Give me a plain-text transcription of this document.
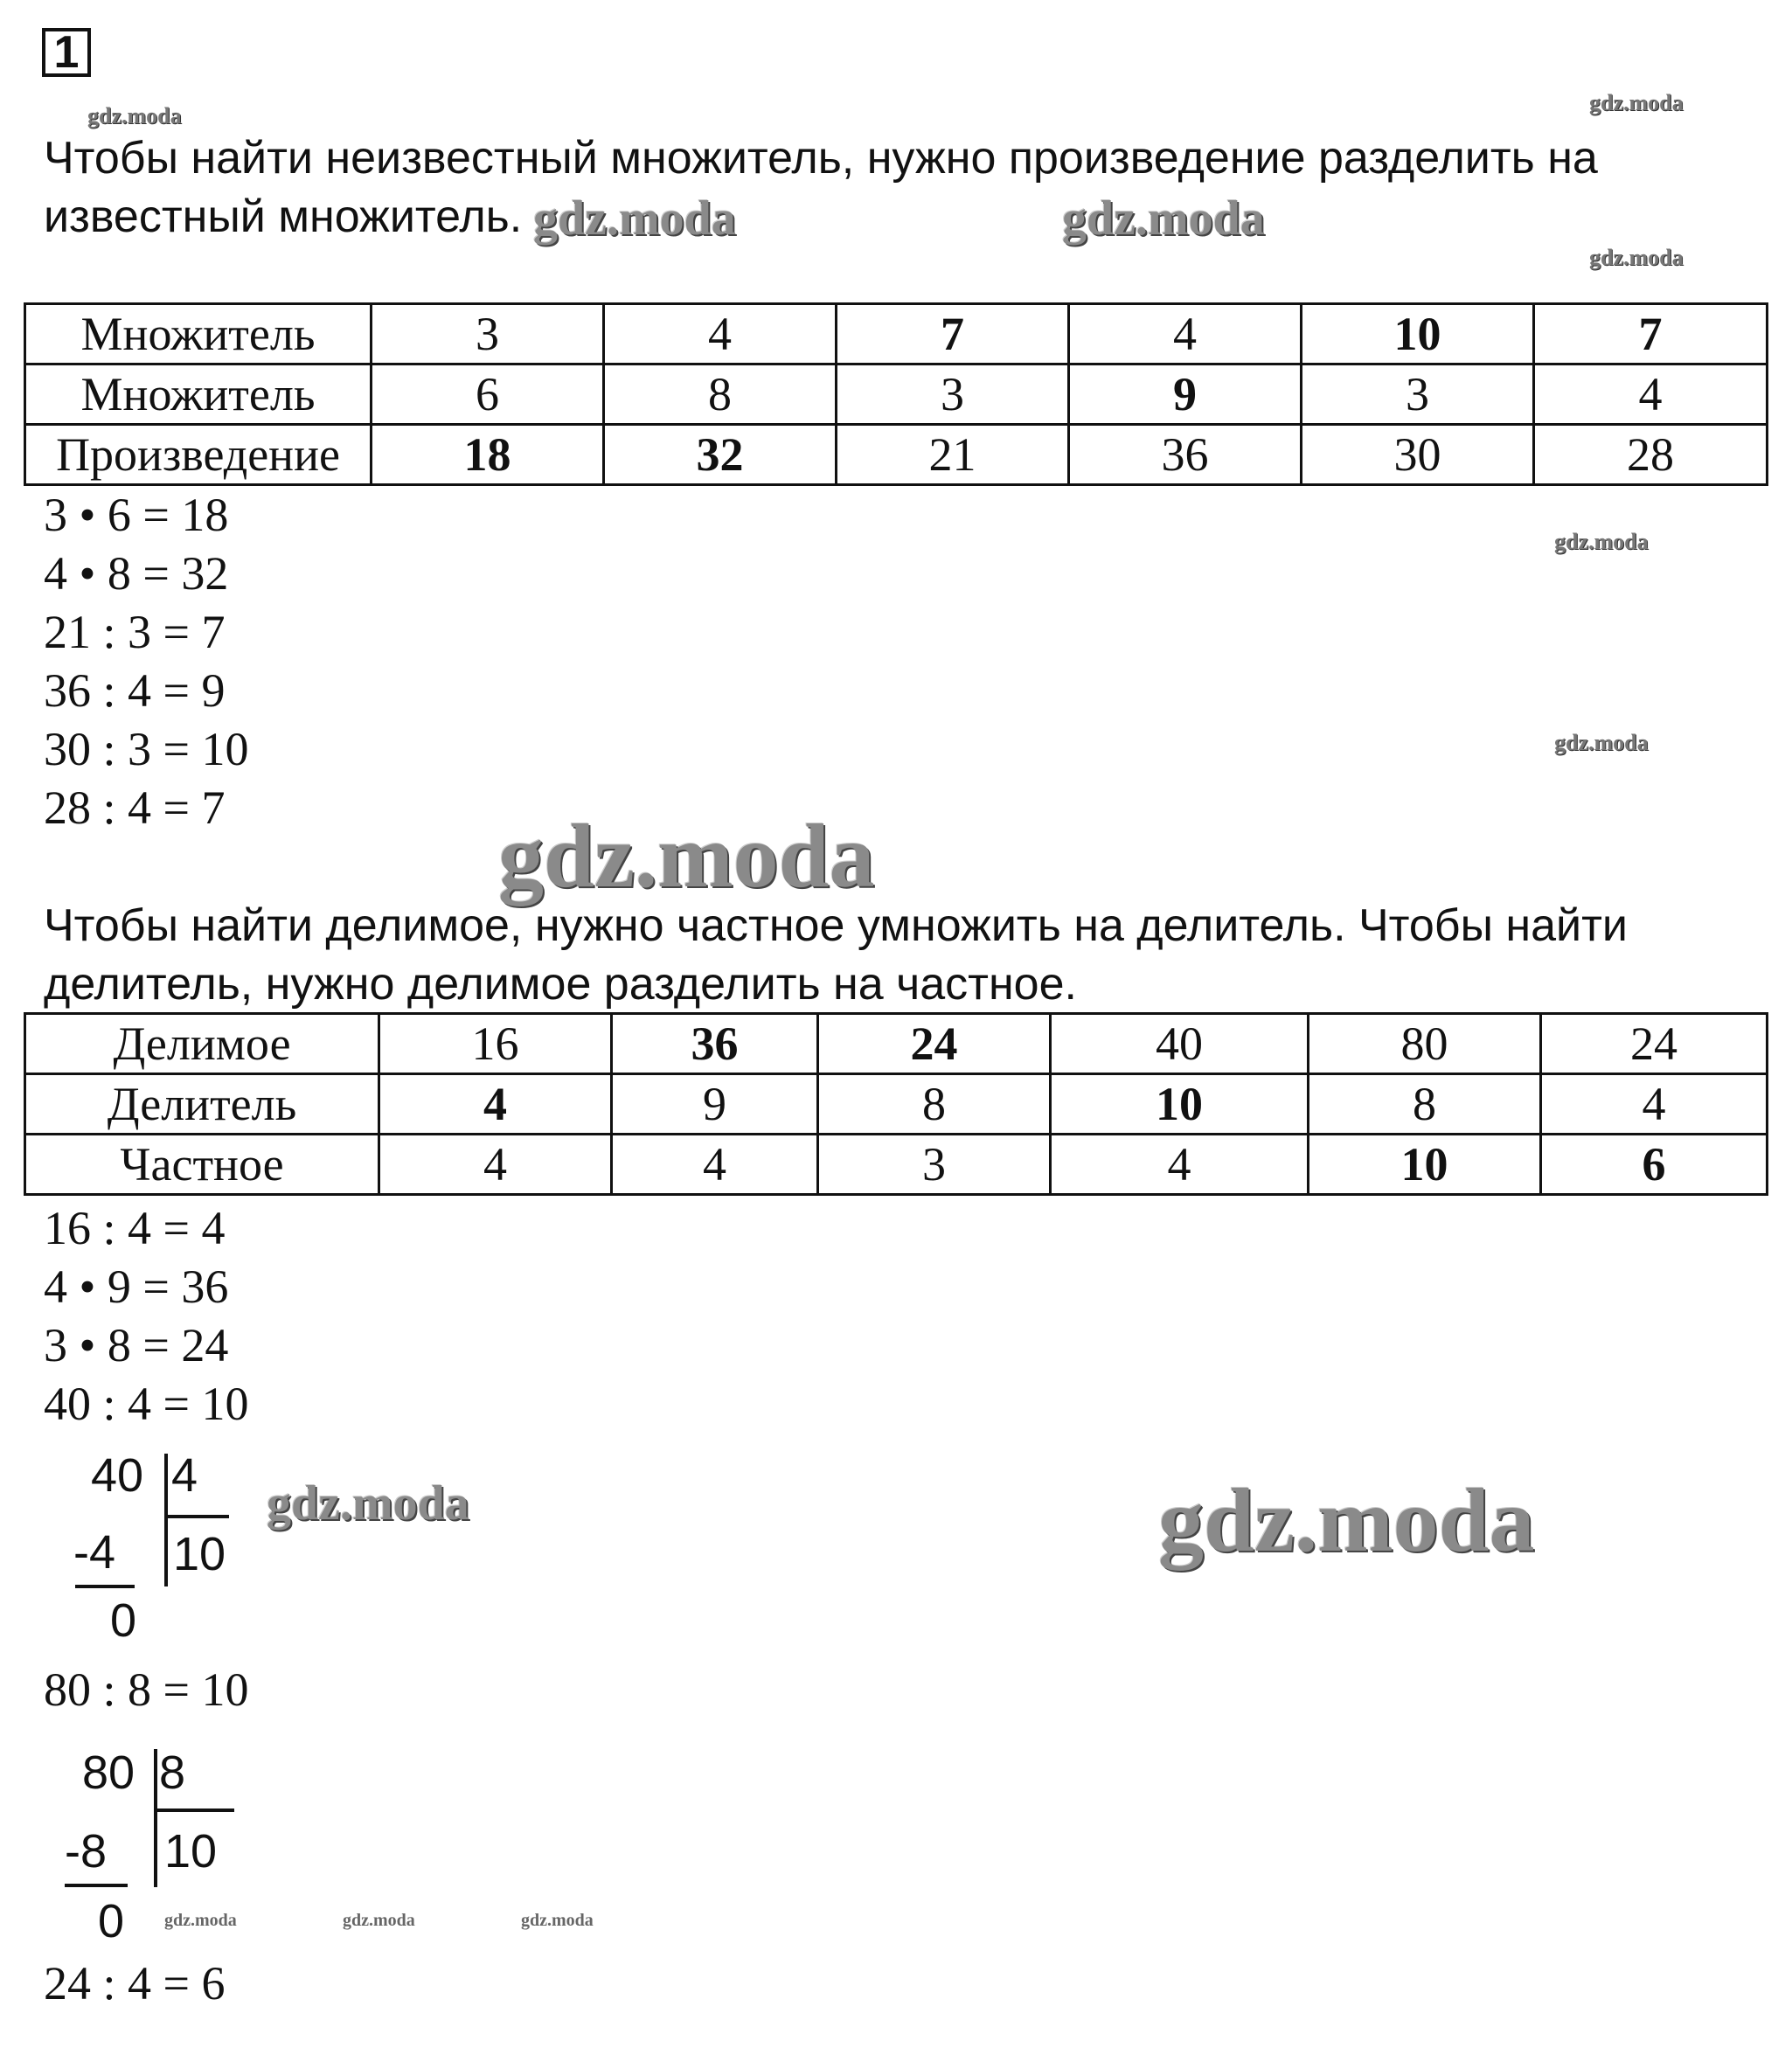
1

Чтобы найти неизвестный множитель, нужно произведение разделить на

известный множитель.

Множитель	3	4	7	4	10	7
Множитель	6	8	3	9	3	4
Произведение	18	32	21	36	30	28

3 • 6 = 18

4 • 8 = 32

21 : 3 = 7

36 : 4 = 9

30 : 3 = 10

28 : 4 = 7

Чтобы найти делимое, нужно частное умножить на делитель. Чтобы найти

делитель, нужно делимое разделить на частное.

Делимое	16	36	24	40	80	24
Делитель	4	9	8	10	8	4
Частное	4	4	3	4	10	6

16 : 4 = 4

4 • 9 = 36

3 • 8 = 24

40 : 4 = 10

40 4
-4 10
0

80 : 8 = 10

80 8
-8 10
0

24 : 4 = 6

gdz.moda
gdz.moda
gdz.moda	gdz.moda
gdz.moda
gdz.moda
gdz.moda
gdz.moda
gdz.moda	gdz.moda
gdz.moda	gdz.moda	gdz.moda
